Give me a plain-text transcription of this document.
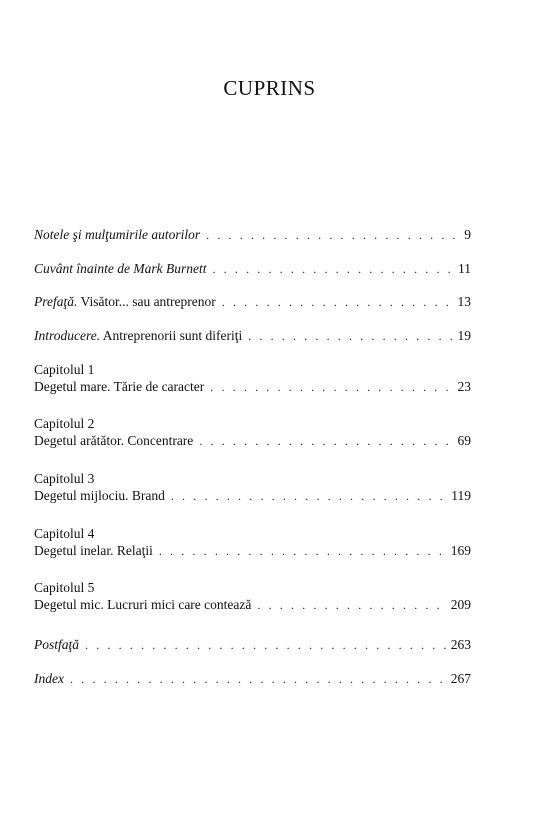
CUPRINS
Notele şi mulţumirile autorilor . . .	9
Cuvânt înainte de Mark Burnett . . .	11
Prefaţă. Visător... sau antreprenor . . .	13
Introducere. Antreprenorii sunt diferiţi . . .	19
Capitolul 1
Degetul mare. Tărie de caracter . . .	23
Capitolul 2
Degetul arătător. Concentrare . . .	69
Capitolul 3
Degetul mijlociu. Brand . . .	119
Capitolul 4
Degetul inelar. Relaţii . . .	169
Capitolul 5
Degetul mic. Lucruri mici care contează . . .	209
Postfaţă . . .	263
Index . . .	267
